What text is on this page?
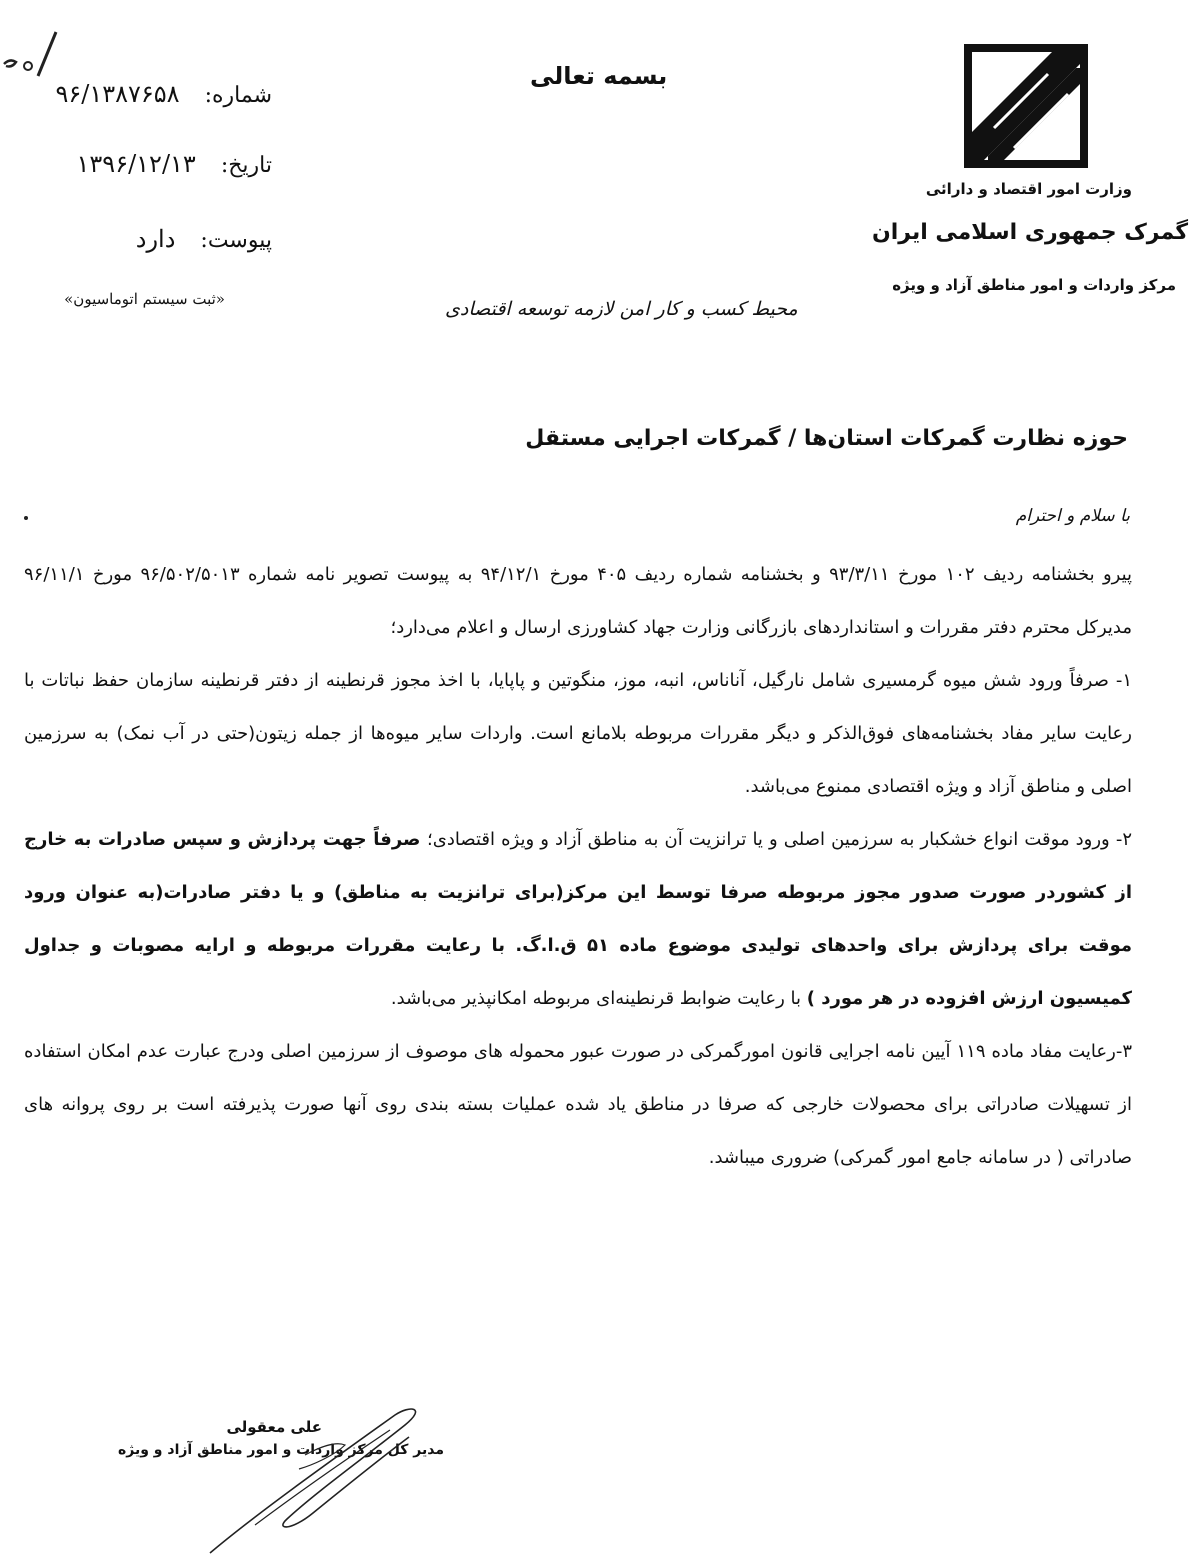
شماره: ۹۶/۱۳۸۷۶۵۸
تاریخ: ۱۳۹۶/۱۲/۱۳
پیوست: دارد
«ثبت سیستم اتوماسیون»
بسمه تعالی
محیط کسب و کار امن لازمه توسعه اقتصادی
وزارت امور اقتصاد و دارائی
گمرک جمهوری اسلامی ایران
مرکز واردات و امور مناطق آزاد و ویژه
حوزه نظارت گمرکات استان‌ها / گمرکات اجرایی مستقل
با سلام و احترام

پیرو بخشنامه ردیف ۱۰۲ مورخ ۹۳/۳/۱۱ و بخشنامه شماره ردیف ۴۰۵ مورخ ۹۴/۱۲/۱ به پیوست تصویر نامه شماره ۹۶/۵۰۲/۵۰۱۳ مورخ ۹۶/۱۱/۱ مدیرکل محترم دفتر مقررات و استانداردهای بازرگانی وزارت جهاد کشاورزی ارسال و اعلام می‌دارد؛

۱- صرفاً ورود شش میوه گرمسیری شامل نارگیل، آناناس، انبه، موز، منگوتین و پاپایا، با اخذ مجوز قرنطینه از دفتر قرنطینه سازمان حفظ نباتات با رعایت سایر مفاد بخشنامه‌های فوق‌الذکر و دیگر مقررات مربوطه بلامانع است. واردات سایر میوه‌ها از جمله زیتون(حتی در آب نمک) به سرزمین اصلی و مناطق آزاد و ویژه اقتصادی ممنوع می‌باشد.

۲- ورود موقت انواع خشکبار به سرزمین اصلی و یا ترانزیت آن به مناطق آزاد و ویژه اقتصادی؛ صرفاً جهت پردازش و سپس صادرات به خارج از کشوردر صورت صدور مجوز مربوطه صرفا توسط این مرکز(برای ترانزیت به مناطق) و یا دفتر صادرات(به عنوان ورود موقت برای پردازش برای واحدهای تولیدی موضوع ماده ۵۱ ق.ا.گ. با رعایت مقررات مربوطه و ارایه مصوبات و جداول کمیسیون ارزش افزوده در هر مورد ) با رعایت ضوابط قرنطینه‌ای مربوطه امکانپذیر می‌باشد.

۳-رعایت مفاد ماده ۱۱۹ آیین نامه اجرایی قانون امورگمرکی در صورت عبور محموله های موصوف از سرزمین اصلی ودرج عبارت عدم امکان استفاده از تسهیلات صادراتی برای محصولات خارجی که صرفا در مناطق یاد شده عملیات بسته بندی روی آنها صورت پذیرفته است بر روی پروانه های صادراتی ( در سامانه جامع امور گمرکی) ضروری میباشد.

علی معقولی
مدیر کل مرکز واردات و امور مناطق آزاد و ویژه
